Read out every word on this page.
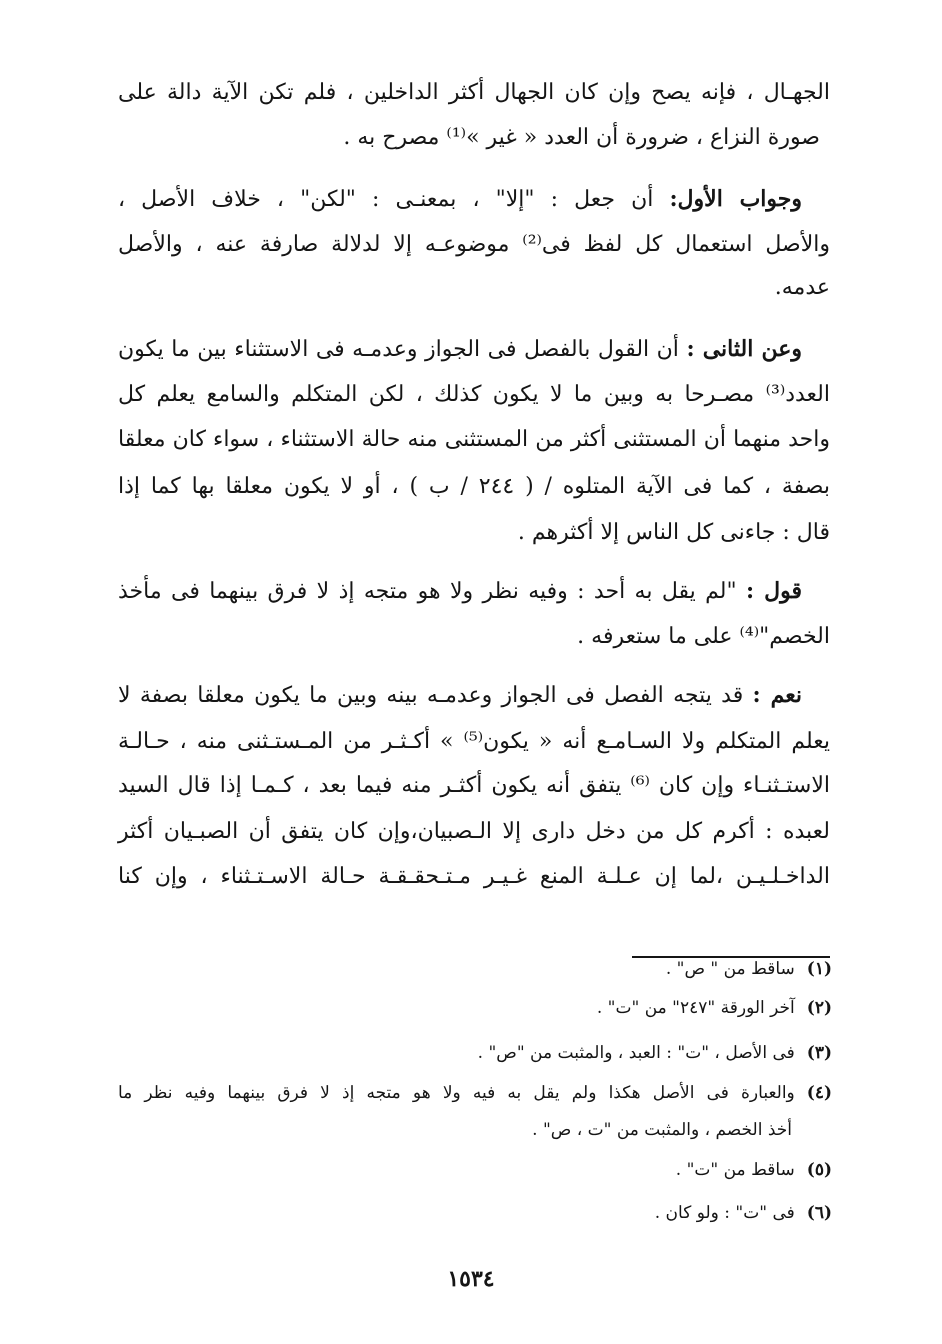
الجهـال ، فإنه يصح وإن كان الجهال أكثر الداخلين ، فلم تكن الآية دالة على
صورة النزاع ، ضرورة أن العدد « غير »⁽¹⁾ مصرح به .
وجواب الأول: أن جعل : "إلا" ، بمعنـى : "لكن" ، خلاف الأصل ،
والأصل استعمال كل لفظ فى⁽²⁾ موضوعـه إلا لدلالة صارفة عنه ، والأصل
عدمه.
وعن الثانى : أن القول بالفصل فى الجواز وعدمـه فى الاستثناء بين ما يكون
العدد⁽³⁾ مصـرحا به وبين ما لا يكون كذلك ، لكن المتكلم والسامع يعلم كل
واحد منهما أن المستثنى أكثر من المستثنى منه حالة الاستثناء ، سواء كان معلقا
بصفة ، كما فى الآية المتلوه / ( ٢٤٤ / ب ) ، أو لا يكون معلقا بها كما إذا
قال : جاءنى كل الناس إلا أكثرهم .
قول : "لم يقل به أحد : وفيه نظر ولا هو متجه إذ لا فرق بينهما فى مأخذ
الخصم"⁽⁴⁾ على ما ستعرفه .
نعم : قد يتجه الفصل فى الجواز وعدمـه بينه وبين ما يكون معلقا بصفة لا
يعلم المتكلم ولا السـامـع أنه « يكون⁽⁵⁾ » أكـثـر من المـستـثنى منه ، حـالـة
الاستـثنـاء وإن كان ⁽⁶⁾ يتفق أنه يكون أكثـر منه فيما بعد ، كـمـا إذا قال السيد
لعبده : أكرم كل من دخل دارى إلا الـصبيان،وإن كان يتفق أن الصبـيان أكثر
الداخـلـيـن ،لما إن عـلـة المنع غـيـر مـتـحقـقـة حـالة الاسـتـثناء ، وإن كنا
(١)ساقط من " ص" .
(٢)آخر الورقة "٢٤٧" من "ت" .
(٣)فى الأصل ، "ت" : العبد ، والمثبت من "ص" .
(٤)والعبارة فى الأصل هكذا ولم يقل به فيه ولا هو متجه إذ لا فرق بينهما وفيه نظر ما
أخذ الخصم ، والمثبت من "ت ، ص" .
(٥)ساقط من "ت" .
(٦)فى "ت" : ولو كان .
١٥٣٤
